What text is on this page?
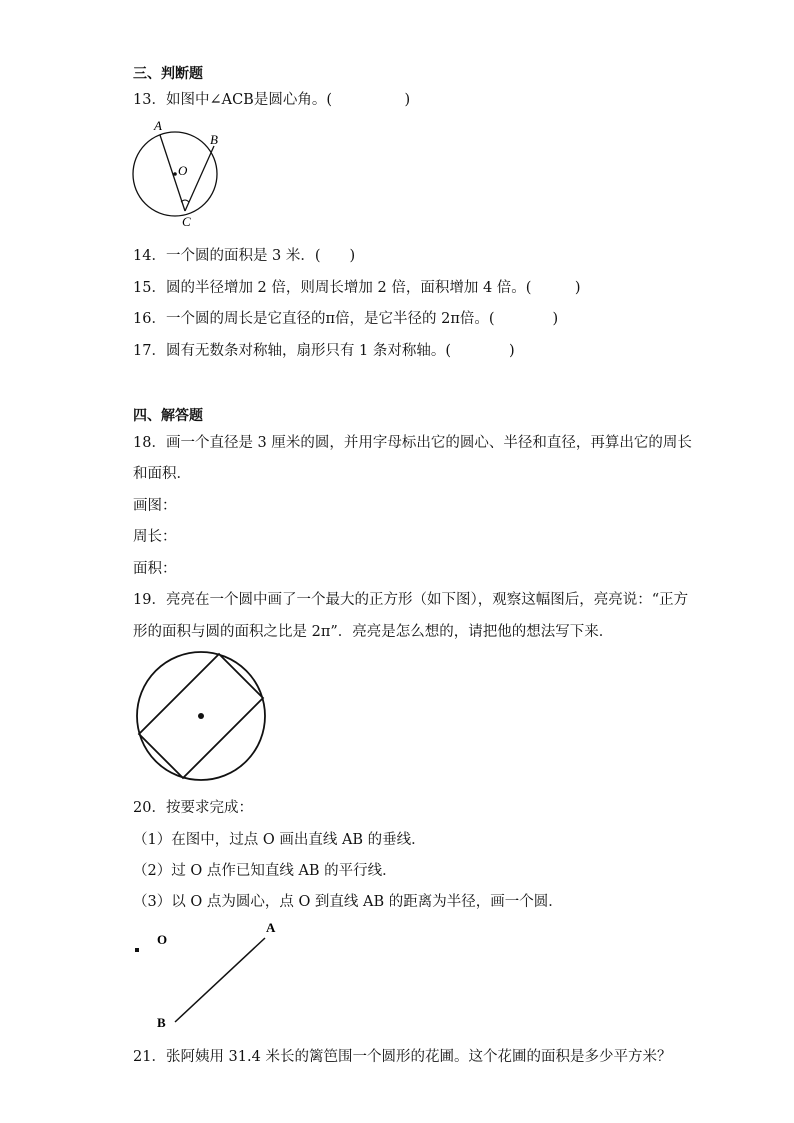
三、判断题
13．如图中∠ACB是圆心角。(　　　　　)
A
B
O
C
14．一个圆的面积是 3 米．(　　)
15．圆的半径增加 2 倍，则周长增加 2 倍，面积增加 4 倍。(　　　)
16．一个圆的周长是它直径的π倍，是它半径的 2π倍。(　　　　)
17．圆有无数条对称轴，扇形只有 1 条对称轴。(　　　　)
四、解答题
18．画一个直径是 3 厘米的圆，并用字母标出它的圆心、半径和直径，再算出它的周长
和面积．
画图：
周长：
面积：
19．亮亮在一个圆中画了一个最大的正方形（如下图），观察这幅图后，亮亮说：“正方
形的面积与圆的面积之比是 2π”．亮亮是怎么想的，请把他的想法写下来．
20．按要求完成：
（1）在图中，过点 O 画出直线 AB 的垂线．
（2）过 O 点作已知直线 AB 的平行线．
（3）以 O 点为圆心，点 O 到直线 AB 的距离为半径，画一个圆．
O
A
B
21．张阿姨用 31.4 米长的篱笆围一个圆形的花圃。这个花圃的面积是多少平方米？
